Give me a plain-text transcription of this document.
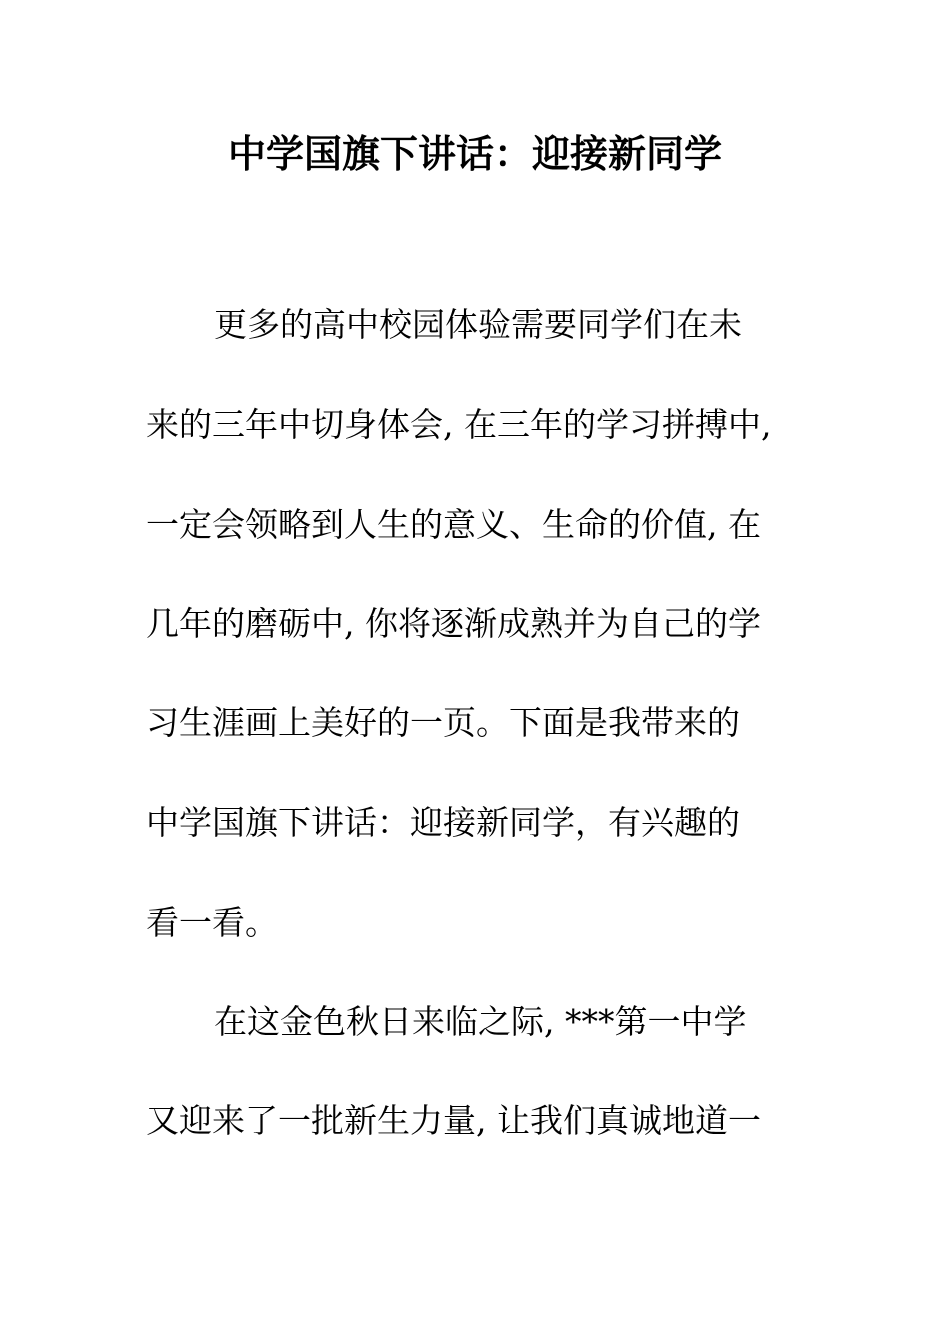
中学国旗下讲话：迎接新同学

更多的高中校园体验需要同学们在未

来的三年中切身体会, 在三年的学习拼搏中,

一定会领略到人生的意义、生命的价值, 在

几年的磨砺中, 你将逐渐成熟并为自己的学

习生涯画上美好的一页。下面是我带来的

中学国旗下讲话：迎接新同学，有兴趣的

看一看。

在这金色秋日来临之际, ***第一中学

又迎来了一批新生力量, 让我们真诚地道一
